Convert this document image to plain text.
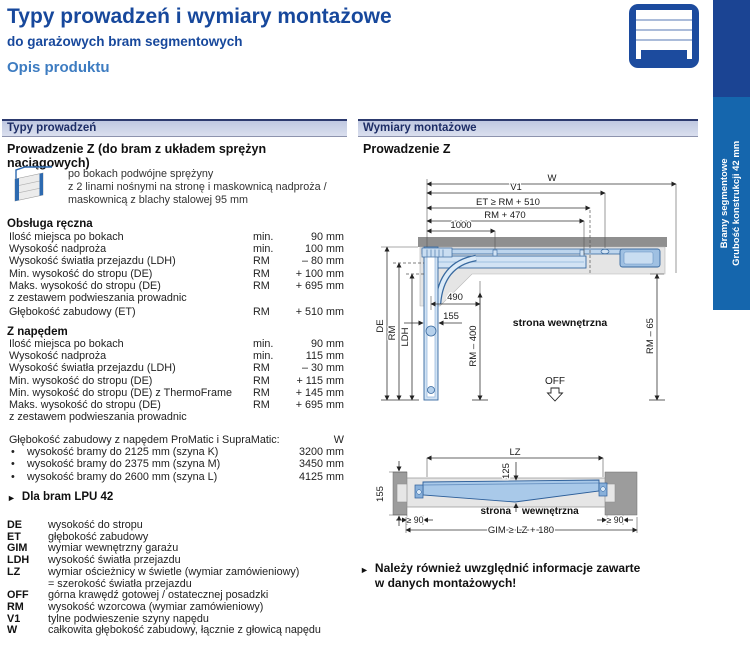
Typy prowadzeń i wymiary montażowe
do garażowych bram segmentowych
Opis produktu
Bramy segmentowe Grubość konstrukcji 42 mm
Typy prowadzeń
Prowadzenie Z (do bram z układem sprężyn naciągowych)
po bokach podwójne sprężyny
z 2 linami nośnymi na stronę i maskownicą nadproża /
maskownicą z blachy stalowej 95 mm
Obsługa ręczna
Ilość miejsca po bokach	min.	90 mm
Wysokość nadproża	min.	100 mm
Wysokość światła przejazdu (LDH)	RM	– 80 mm
Min. wysokość do stropu (DE)	RM	+ 100 mm
Maks. wysokość do stropu (DE)	RM	+ 695 mm
z zestawem podwieszania prowadnic
Głębokość zabudowy (ET)	RM	+ 510 mm
Z napędem
Ilość miejsca po bokach	min.	90 mm
Wysokość nadproża	min.	115 mm
Wysokość światła przejazdu (LDH)	RM	– 30 mm
Min. wysokość do stropu (DE)	RM	+ 115 mm
Min. wysokość do stropu (DE) z ThermoFrame	RM	+ 145 mm
Maks. wysokość do stropu (DE)	RM	+ 695 mm
z zestawem podwieszania prowadnic
Głębokość zabudowy z napędem ProMatic i SupraMatic:	W
•	wysokość bramy do 2125 mm (szyna K)	3200 mm
•	wysokość bramy do 2375 mm (szyna M)	3450 mm
•	wysokość bramy do 2600 mm (szyna L)	4125 mm
► Dla bram LPU 42
DE	wysokość do stropu
ET	głębokość zabudowy
GIM	wymiar wewnętrzny garażu
LDH	wysokość światła przejazdu
LZ	wymiar ościeżnicy w świetle (wymiar zamówieniowy)
= szerokość światła przejazdu
OFF	górna krawędź gotowej / ostatecznej posadzki
RM	wysokość wzorcowa (wymiar zamówieniowy)
V1	tylne podwieszenie szyny napędu
W	całkowita głębokość zabudowy, łącznie z głowicą napędu
Wymiary montażowe
Prowadzenie Z
W
V1
ET ≥ RM + 510
RM + 470
1000
DE RM LDH
490
155
RM – 400
strona wewnętrzna	RM – 65
OFF
LZ
155
125
strona wewnętrzna
≥ 90	≥ 90
GIM ≥ LZ + 180
► Należy również uwzględnić informacje zawarte
w danych montażowych!
